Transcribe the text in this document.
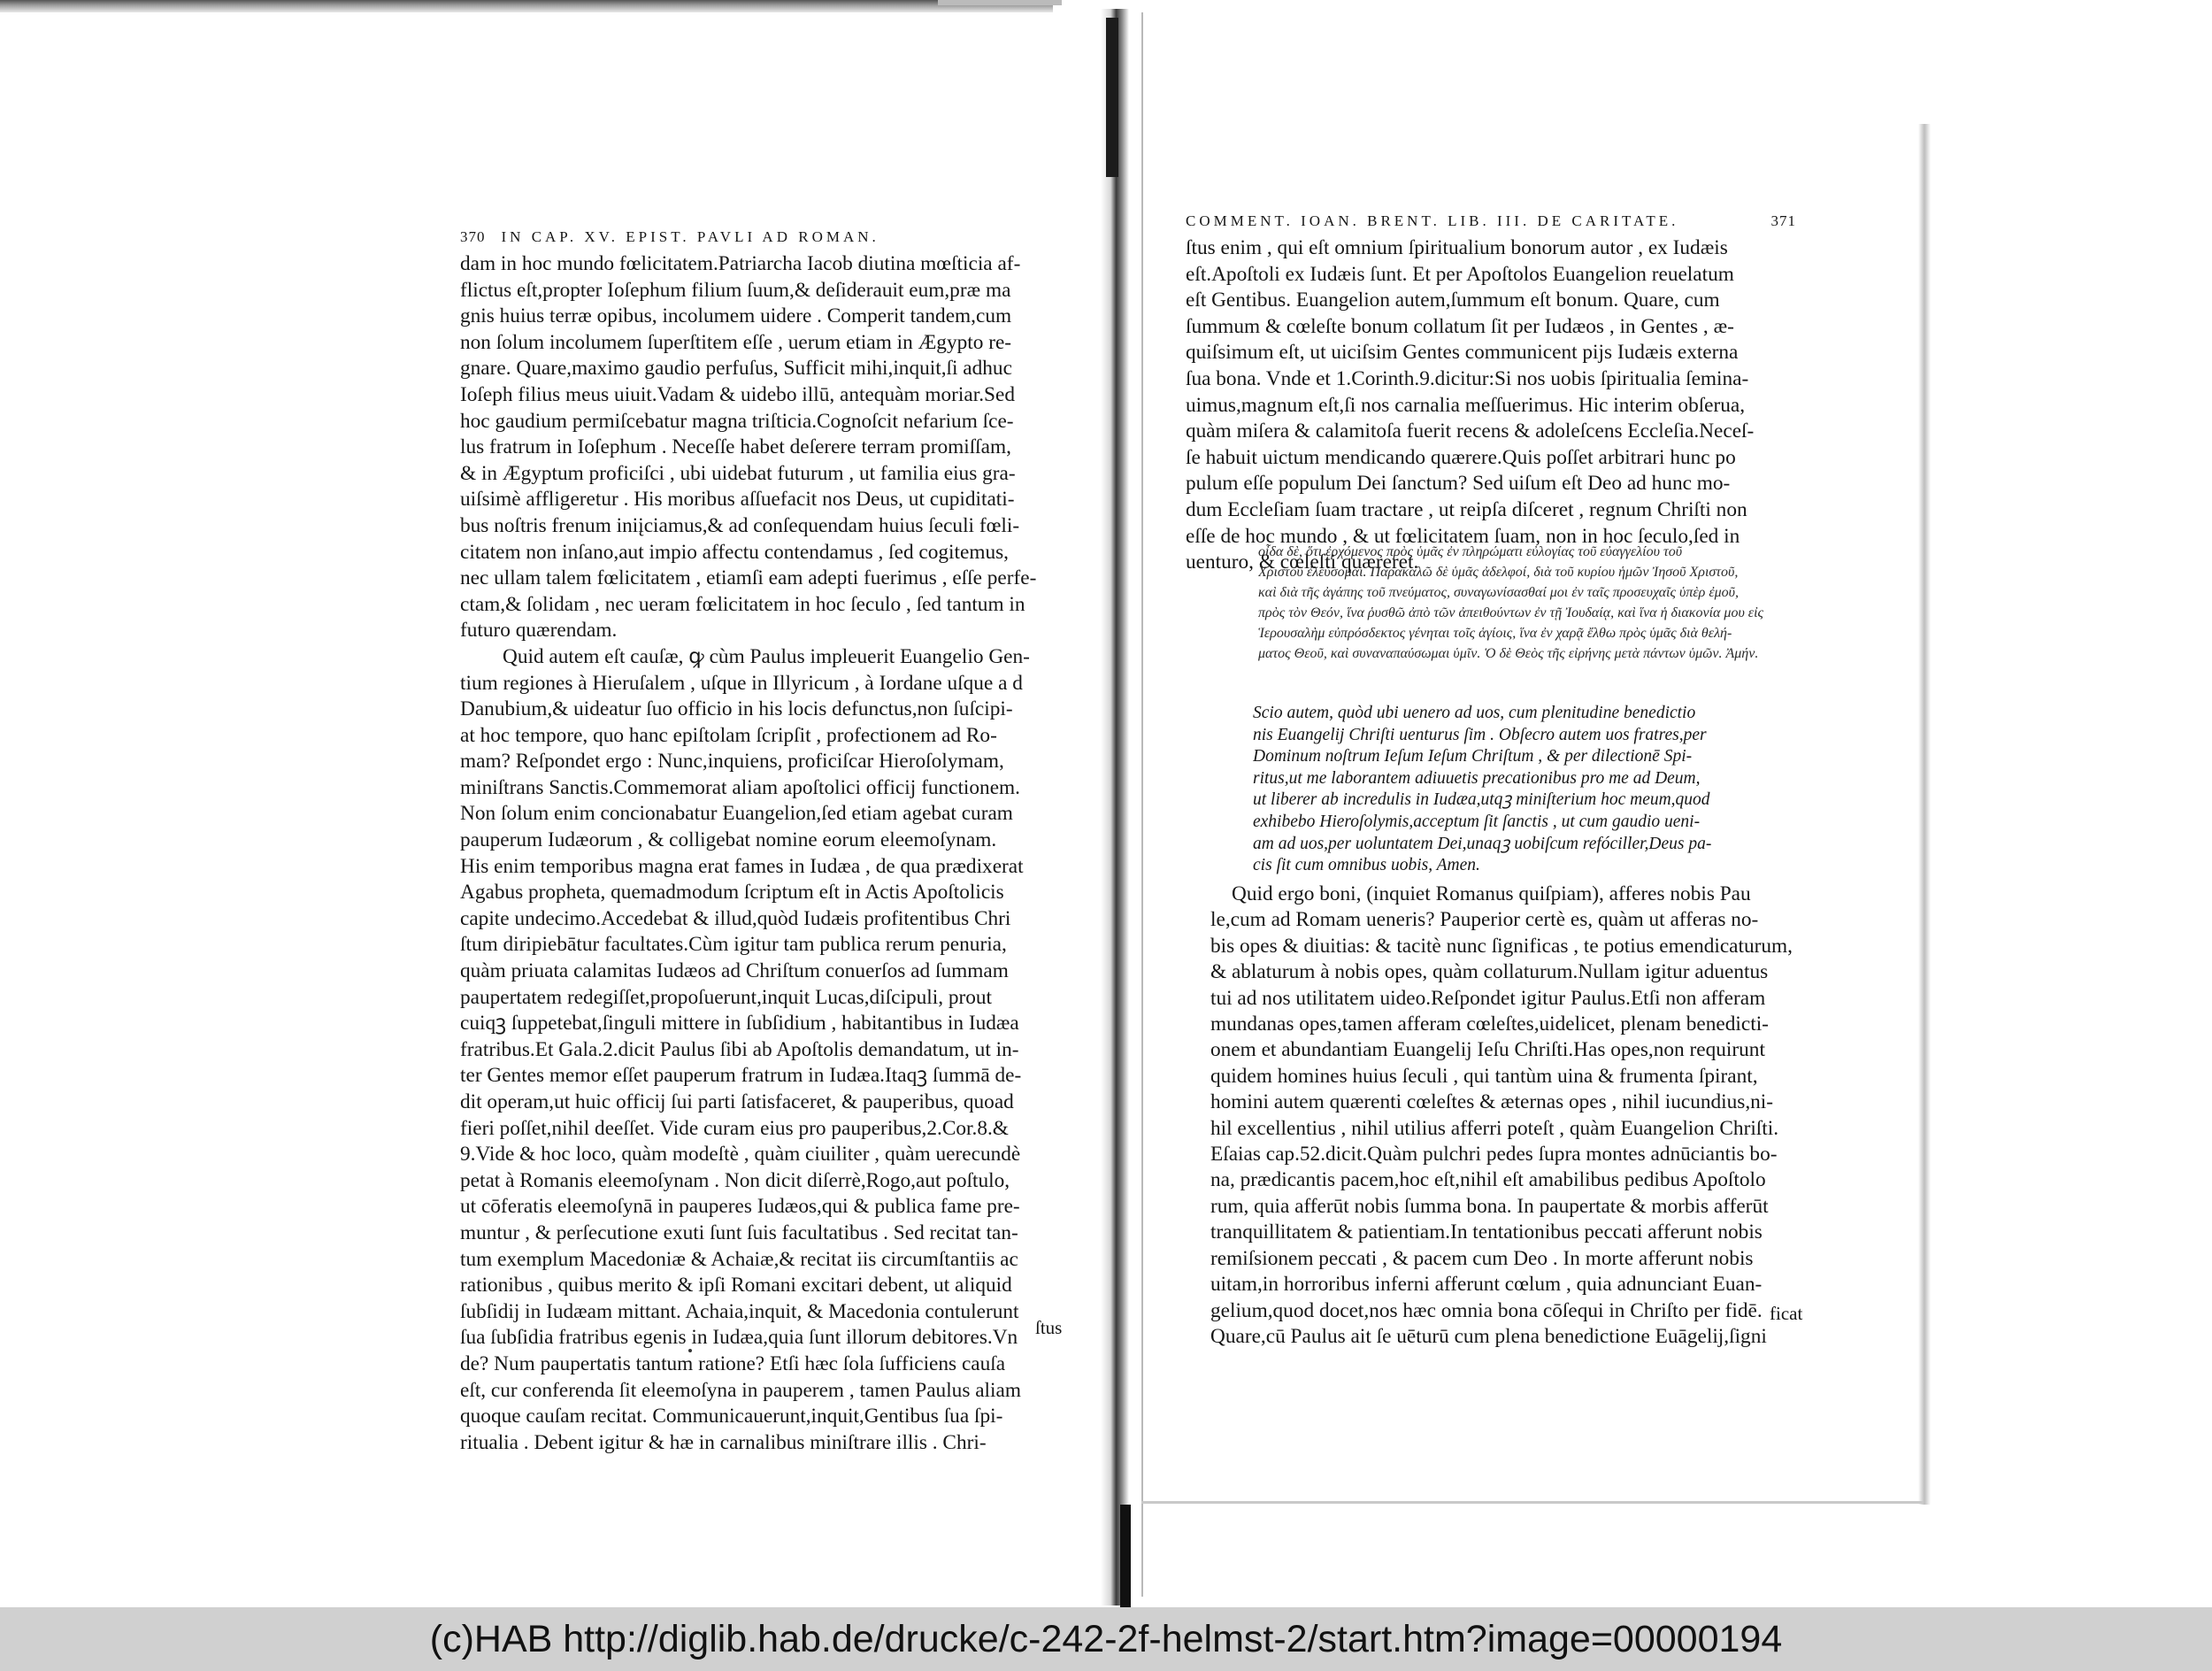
370 IN CAP. XV. EPIST. PAVLI AD ROMAN.
dam in hoc mundo fœlicitatem.Patriarcha Iacob diutina mœſticia af-
flictus eſt,propter Ioſephum filium ſuum,& deſiderauit eum,præ ma
gnis huius terræ opibus, incolumem uidere . Comperit tandem,cum
non ſolum incolumem ſuperſtitem eſſe , uerum etiam in Ægypto re-
gnare. Quare,maximo gaudio perfuſus, Sufficit mihi,inquit,ſi adhuc
Ioſeph filius meus uiuit.Vadam & uidebo illū, antequàm moriar.Sed
hoc gaudium permiſcebatur magna triſticia.Cognoſcit nefarium ſce-
lus fratrum in Ioſephum . Neceſſe habet deſerere terram promiſſam,
& in Ægyptum proficiſci , ubi uidebat futurum , ut familia eius gra-
uiſsimè affligeretur . His moribus aſſuefacit nos Deus, ut cupiditati-
bus noſtris frenum iniįciamus,& ad conſequendam huius ſeculi fœli-
citatem non inſano,aut impio affectu contendamus , ſed cogitemus,
nec ullam talem fœlicitatem , etiamſi eam adepti fuerimus , eſſe perfe-
ctam,& ſolidam , nec ueram fœlicitatem in hoc ſeculo , ſed tantum in
futuro quærendam.
Quid autem eſt cauſæ, ꝙ cùm Paulus impleuerit Euangelio Gen-
tium regiones à Hieruſalem , uſque in Illyricum , à Iordane uſque a d
Danubium,& uideatur ſuo officio in his locis defunctus,non ſuſcipi-
at hoc tempore, quo hanc epiſtolam ſcripſit , profectionem ad Ro-
mam? Reſpondet ergo : Nunc,inquiens, proficiſcar Hieroſolymam,
miniſtrans Sanctis.Commemorat aliam apoſtolici officij functionem.
Non ſolum enim concionabatur Euangelion,ſed etiam agebat curam
pauperum Iudæorum , & colligebat nomine eorum eleemoſynam.
His enim temporibus magna erat fames in Iudæa , de qua prædixerat
Agabus propheta, quemadmodum ſcriptum eſt in Actis Apoſtolicis
capite undecimo.Accedebat & illud,quòd Iudæis profitentibus Chri
ſtum diripiebātur facultates.Cùm igitur tam publica rerum penuria,
quàm priuata calamitas Iudæos ad Chriſtum conuerſos ad ſummam
paupertatem redegiſſet,propoſuerunt,inquit Lucas,diſcipuli, prout
cuiqꝫ ſuppetebat,ſinguli mittere in ſubſidium , habitantibus in Iudæa
fratribus.Et Gala.2.dicit Paulus ſibi ab Apoſtolis demandatum, ut in-
ter Gentes memor eſſet pauperum fratrum in Iudæa.Itaqꝫ ſummā de-
dit operam,ut huic officij ſui parti ſatisfaceret, & pauperibus, quoad
fieri poſſet,nihil deeſſet. Vide curam eius pro pauperibus,2.Cor.8.&
9.Vide & hoc loco, quàm modeſtè , quàm ciuiliter , quàm uerecundè
petat à Romanis eleemoſynam . Non dicit diſerrè,Rogo,aut poſtulo,
ut cōferatis eleemoſynā in pauperes Iudæos,qui & publica fame pre-
muntur , & perſecutione exuti ſunt ſuis facultatibus . Sed recitat tan-
tum exemplum Macedoniæ & Achaiæ,& recitat iis circumſtantiis ac
rationibus , quibus merito & ipſi Romani excitari debent, ut aliquid
ſubſidij in Iudæam mittant. Achaia,inquit, & Macedonia contulerunt
ſua ſubſidia fratribus egenis in Iudæa,quia ſunt illorum debitores.Vn
de? Num paupertatis tantum ratione? Etſi hæc ſola ſufficiens cauſa
eſt, cur conferenda ſit eleemoſyna in pauperem , tamen Paulus aliam
quoque cauſam recitat. Communicauerunt,inquit,Gentibus ſua ſpi-
ritualia . Debent igitur & hæ in carnalibus miniſtrare illis . Chri-
ſtus
COMMENT. IOAN. BRENT. LIB. III. DE CARITATE.	371
ſtus enim , qui eſt omnium ſpiritualium bonorum autor , ex Iudæis
eſt.Apoſtoli ex Iudæis ſunt. Et per Apoſtolos Euangelion reuelatum
eſt Gentibus. Euangelion autem,ſummum eſt bonum. Quare, cum
ſummum & cœleſte bonum collatum ſit per Iudæos , in Gentes , æ-
quiſsimum eſt, ut uiciſsim Gentes communicent pijs Iudæis externa
ſua bona. Vnde et 1.Corinth.9.dicitur:Si nos uobis ſpiritualia ſemina-
uimus,magnum eſt,ſi nos carnalia meſſuerimus. Hic interim obſerua,
quàm miſera & calamitoſa fuerit recens & adoleſcens Eccleſia.Neceſ-
ſe habuit uictum mendicando quærere.Quis poſſet arbitrari hunc po
pulum eſſe populum Dei ſanctum? Sed uiſum eſt Deo ad hunc mo-
dum Eccleſiam ſuam tractare , ut reipſa diſceret , regnum Chriſti non
eſſe de hoc mundo , & ut fœlicitatem ſuam, non in hoc ſeculo,ſed in
uenturo, & cœleſti quæreret.
οἶδα δὲ, ὅτι ἐρχόμενος πρὸς ὑμᾶς ἐν πληρώματι εὐλογίας τοῦ εὐαγγελίου τοῦ
Χριστοῦ ἐλεύσομαι. Παρακαλῶ δὲ ὑμᾶς ἀδελφοί, διὰ τοῦ κυρίου ἡμῶν Ἰησοῦ Χριστοῦ,
καὶ διὰ τῆς ἀγάπης τοῦ πνεύματος, συναγωνίσασθαί μοι ἐν ταῖς προσευχαῖς ὑπὲρ ἐμοῦ,
πρὸς τὸν Θεόν, ἵνα ῥυσθῶ ἀπὸ τῶν ἀπειθούντων ἐν τῇ Ἰουδαίᾳ, καὶ ἵνα ἡ διακονία μου εἰς
Ἱερουσαλὴμ εὐπρόσδεκτος γένηται τοῖς ἁγίοις, ἵνα ἐν χαρᾷ ἔλθω πρὸς ὑμᾶς διὰ θελή-
ματος Θεοῦ, καὶ συναναπαύσωμαι ὑμῖν. Ὁ δὲ Θεὸς τῆς εἰρήνης μετὰ πάντων ὑμῶν. Ἀμήν.
Scio autem, quòd ubi uenero ad uos, cum plenitudine benedictio
nis Euangelij Chriſti uenturus ſim . Obſecro autem uos fratres,per
Dominum noſtrum Ieſum Ieſum Chriſtum , & per dilectionē Spi-
ritus,ut me laborantem adiuuetis precationibus pro me ad Deum,
ut liberer ab incredulis in Iudæa,utqꝫ miniſterium hoc meum,quod
exhibebo Hieroſolymis,acceptum ſit ſanctis , ut cum gaudio ueni-
am ad uos,per uoluntatem Dei,unaqꝫ uobiſcum refóciller,Deus pa-
cis ſit cum omnibus uobis, Amen.
Quid ergo boni, (inquiet Romanus quiſpiam), afferes nobis Pau
le,cum ad Romam ueneris? Pauperior certè es, quàm ut afferas no-
bis opes & diuitias: & tacitè nunc ſignificas , te potius emendicaturum,
& ablaturum à nobis opes, quàm collaturum.Nullam igitur aduentus
tui ad nos utilitatem uideo.Reſpondet igitur Paulus.Etſi non afferam
mundanas opes,tamen afferam cœleſtes,uidelicet, plenam benedicti-
onem et abundantiam Euangelij Ieſu Chriſti.Has opes,non requirunt
quidem homines huius ſeculi , qui tantùm uina & frumenta ſpirant,
homini autem quærenti cœleſtes & æternas opes , nihil iucundius,ni-
hil excellentius , nihil utilius afferri poteſt , quàm Euangelion Chriſti.
Eſaias cap.52.dicit.Quàm pulchri pedes ſupra montes adnūciantis bo-
na, prædicantis pacem,hoc eſt,nihil eſt amabilibus pedibus Apoſtolo
rum, quia afferūt nobis ſumma bona. In paupertate & morbis afferūt
tranquillitatem & patientiam.In tentationibus peccati afferunt nobis
remiſsionem peccati , & pacem cum Deo . In morte afferunt nobis
uitam,in horroribus inferni afferunt cœlum , quia adnunciant Euan-
gelium,quod docet,nos hæc omnia bona cōſequi in Chriſto per fidē.
Quare,cū Paulus ait ſe uēturū cum plena benedictione Euāgelij,ſigni
ficat
(c)HAB http://diglib.hab.de/drucke/c-242-2f-helmst-2/start.htm?image=00000194
